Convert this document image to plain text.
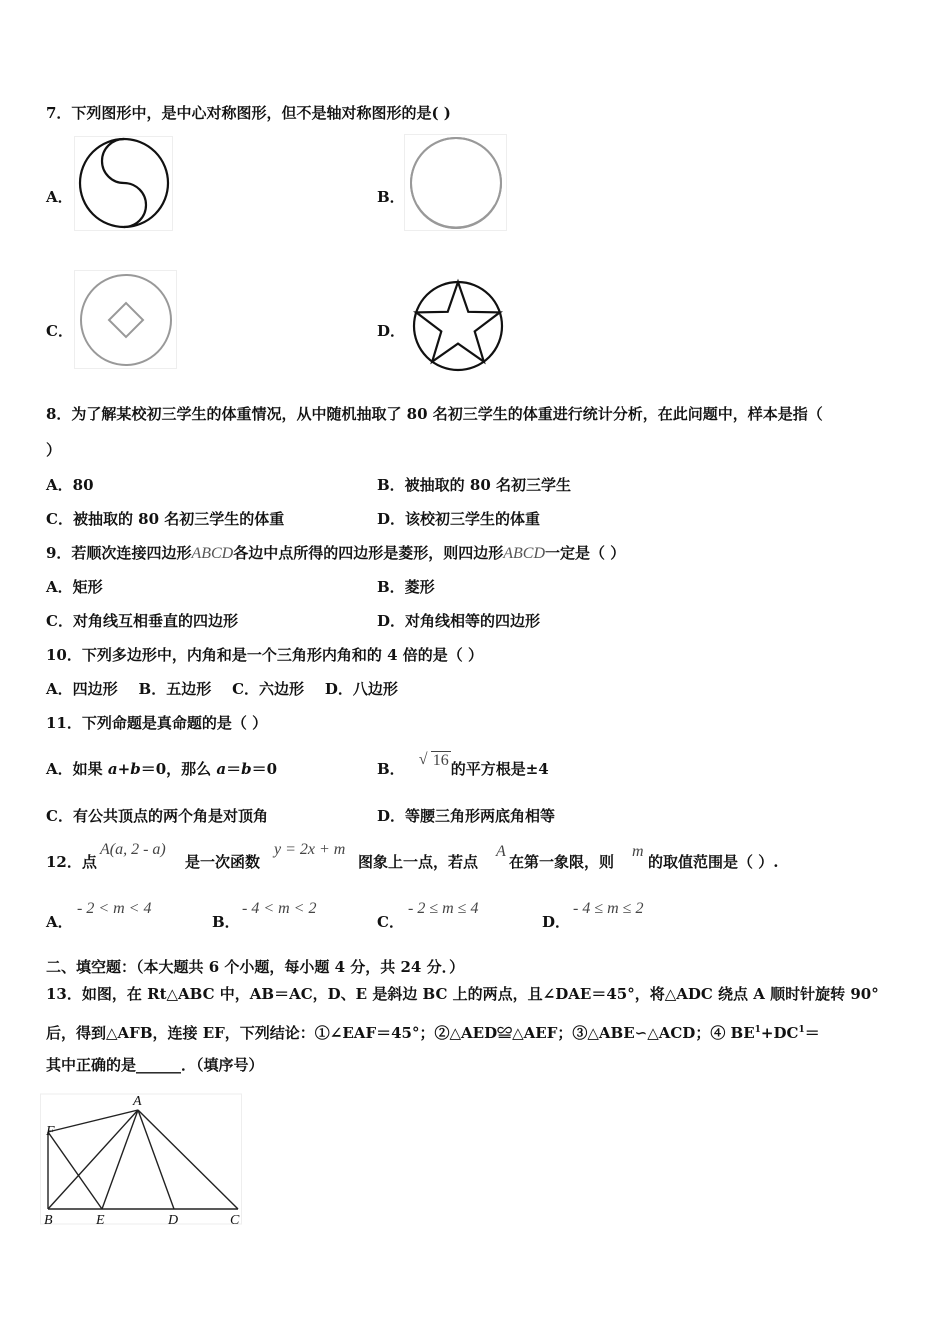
7．下列图形中，是中心对称图形，但不是轴对称图形的是( )
A．	B．
C．	D．
8．为了解某校初三学生的体重情况，从中随机抽取了 80 名初三学生的体重进行统计分析，在此问题中，样本是指（
）
A．80	B．被抽取的 80 名初三学生
C．被抽取的 80 名初三学生的体重	D．该校初三学生的体重
9．若顺次连接四边形ABCD各边中点所得的四边形是菱形，则四边形ABCD一定是（ ）
A．矩形	B．菱形
C．对角线互相垂直的四边形	D．对角线相等的四边形
10．下列多边形中，内角和是一个三角形内角和的 4 倍的是（ ）
A．四边形    B．五边形    C．六边形    D．八边形
11．下列命题是真命题的是（ ）
A．如果 a+b＝0，那么 a＝b＝0	B．
√ 16 的平方根是±4
C．有公共顶点的两个角是对顶角	D．等腰三角形两底角相等
12．点
A(a, 2 - a)
是一次函数
y = 2x + m
图象上一点，若点
A
在第一象限，则
m
的取值范围是（ ）.
A．
- 2 < m < 4
B．
- 4 < m < 2
C．
- 2 ≤ m ≤ 4
D．
- 4 ≤ m ≤ 2
二、填空题：（本大题共 6 个小题，每小题 4 分，共 24 分．）
13．如图，在 Rt△ABC 中，AB＝AC，D、E 是斜边 BC 上的两点，且∠DAE＝45°，将△ADC 绕点 A 顺时针旋转 90°
后，得到△AFB，连接 EF，下列结论：①∠EAF＝45°；②△AED≌△AEF；③△ABE∽△ACD；④ $BE^1+DC^1=$
其中正确的是______．（填序号）
A
F
B	E	D	C
